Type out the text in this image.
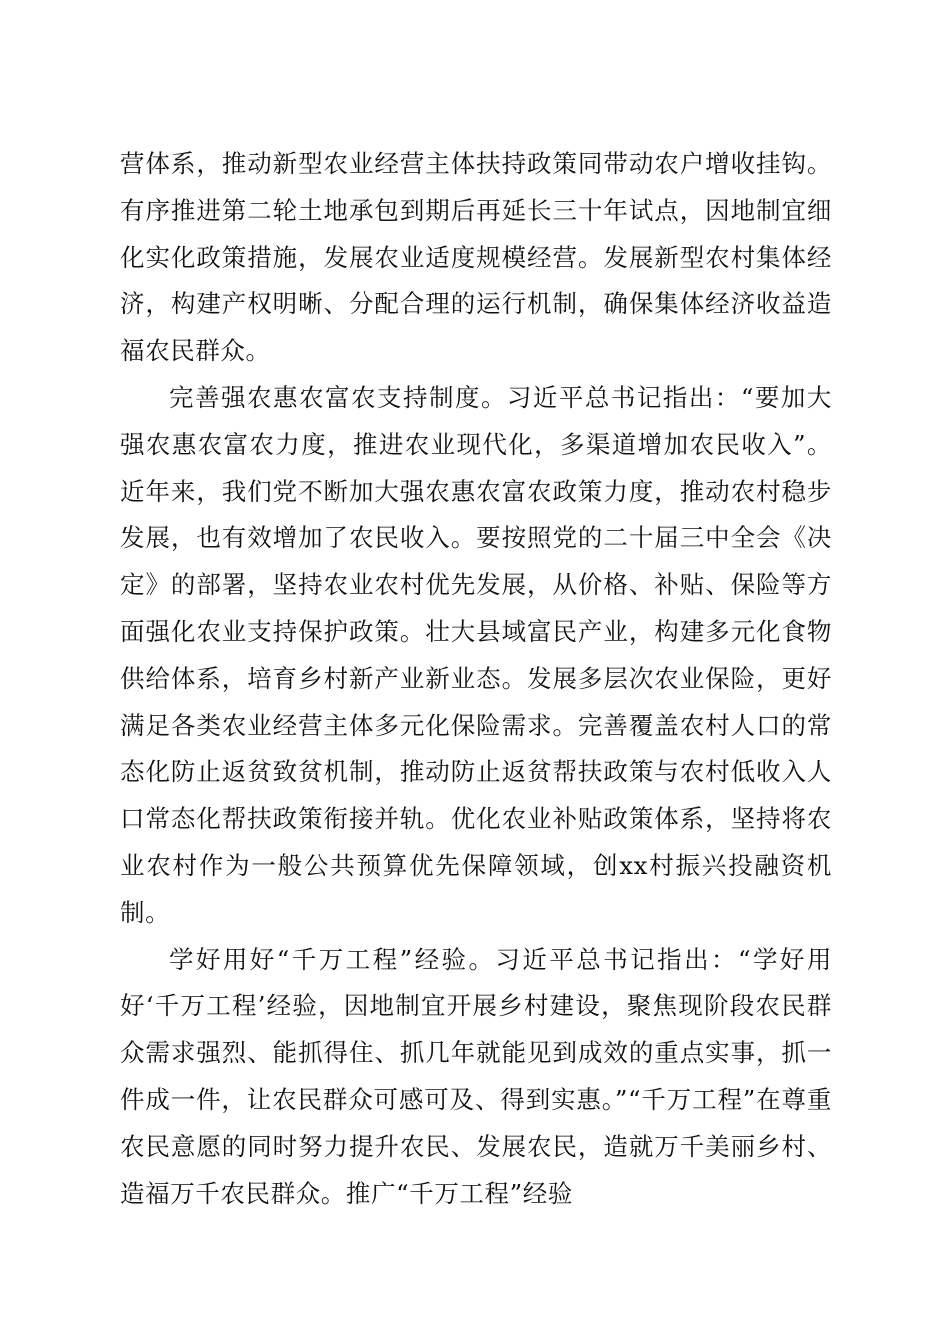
营体系，推动新型农业经营主体扶持政策同带动农户增收挂钩。有序推进第二轮土地承包到期后再延长三十年试点，因地制宜细化实化政策措施，发展农业适度规模经营。发展新型农村集体经济，构建产权明晰、分配合理的运行机制，确保集体经济收益造福农民群众。

完善强农惠农富农支持制度。习近平总书记指出：“要加大强农惠农富农力度，推进农业现代化，多渠道增加农民收入”。近年来，我们党不断加大强农惠农富农政策力度，推动农村稳步发展，也有效增加了农民收入。要按照党的二十届三中全会《决定》的部署，坚持农业农村优先发展，从价格、补贴、保险等方面强化农业支持保护政策。壮大县域富民产业，构建多元化食物供给体系，培育乡村新产业新业态。发展多层次农业保险，更好满足各类农业经营主体多元化保险需求。完善覆盖农村人口的常态化防止返贫致贫机制，推动防止返贫帮扶政策与农村低收入人口常态化帮扶政策衔接并轨。优化农业补贴政策体系，坚持将农业农村作为一般公共预算优先保障领域，创xx村振兴投融资机制。

学好用好“千万工程”经验。习近平总书记指出：“学好用好‘千万工程’经验，因地制宜开展乡村建设，聚焦现阶段农民群众需求强烈、能抓得住、抓几年就能见到成效的重点实事，抓一件成一件，让农民群众可感可及、得到实惠。”“千万工程”在尊重农民意愿的同时努力提升农民、发展农民，造就万千美丽乡村、造福万千农民群众。推广“千万工程”经验
